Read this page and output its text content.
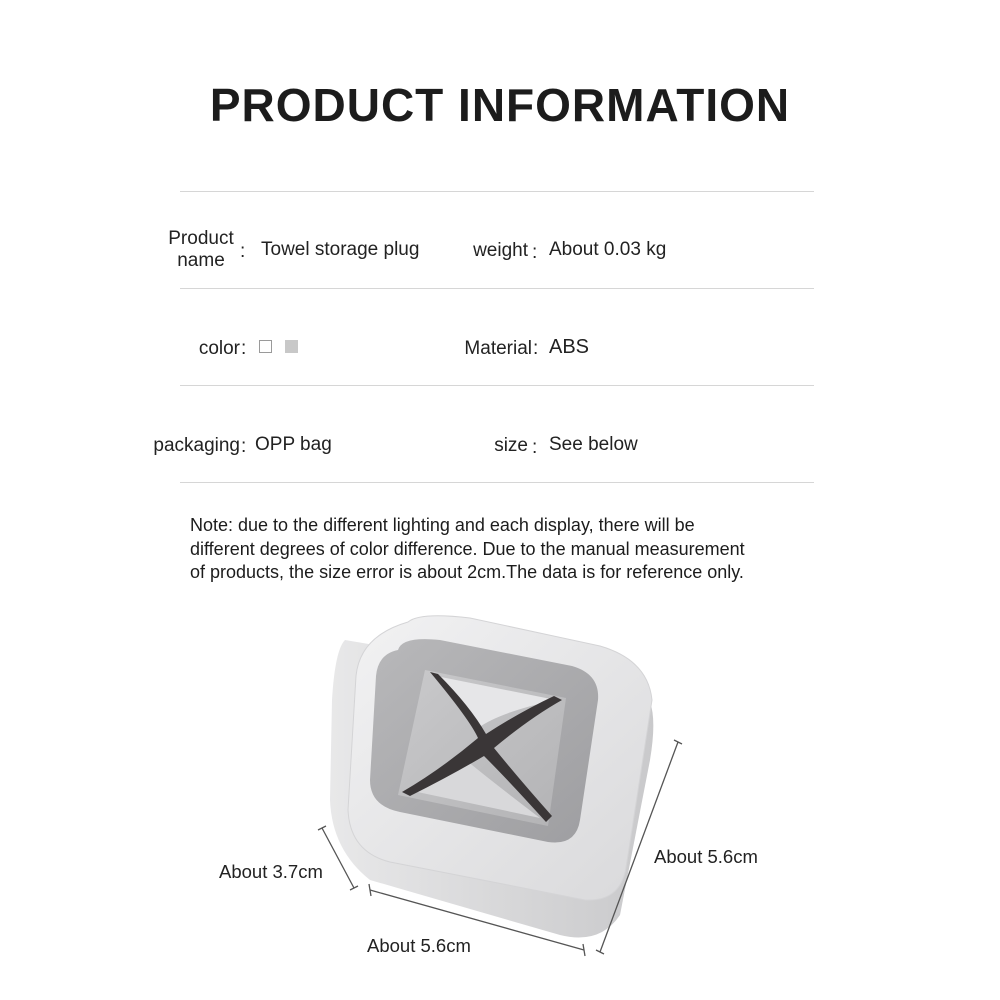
PRODUCT INFORMATION
Product
name : Towel storage plug	weight : About 0.03 kg
color :	Material : ABS
packaging : OPP bag	size : See below
Note: due to the different lighting and each display, there will be
different degrees of color difference. Due to the manual measurement
of products, the size error is about 2cm.The data is for reference only.
About 3.7cm
About 5.6cm
About 5.6cm
